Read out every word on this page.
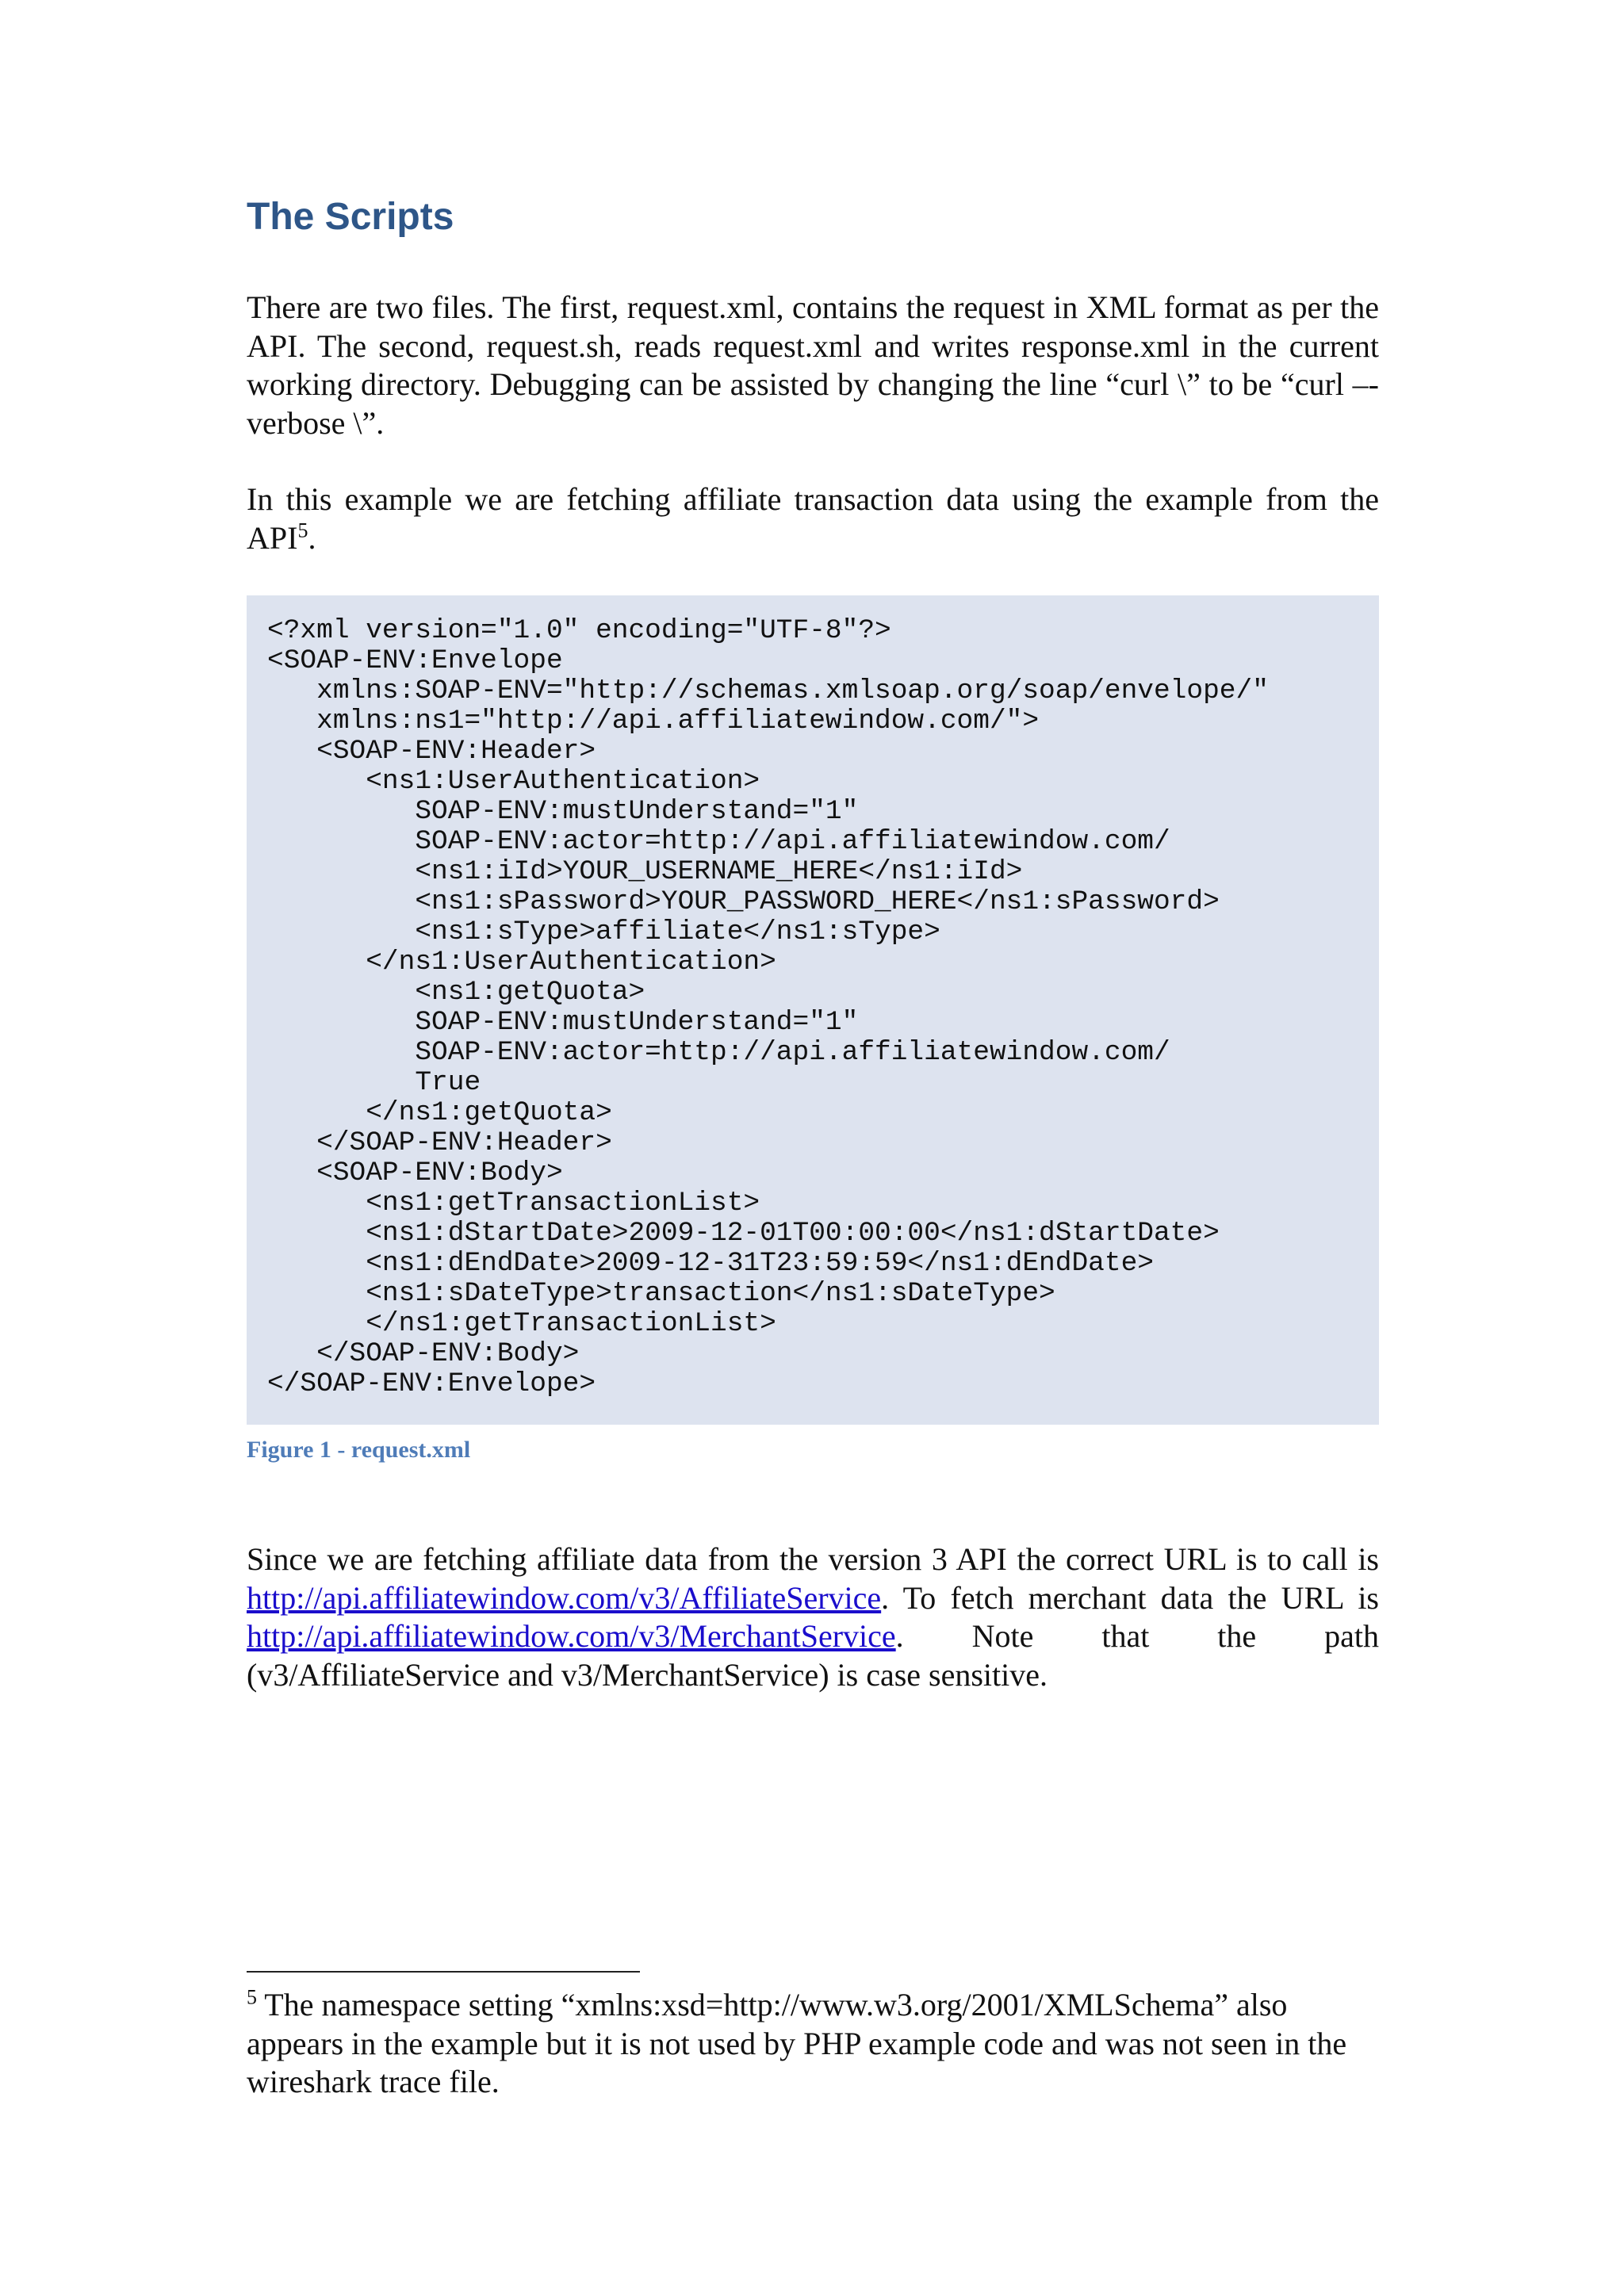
The Scripts

There are two files. The first, request.xml, contains the request in XML format as per the API. The second, request.sh, reads request.xml and writes response.xml in the current working directory. Debugging can be assisted by changing the line “curl \” to be “curl –-verbose \”.

In this example we are fetching affiliate transaction data using the example from the API$^5$.

<?xml version="1.0" encoding="UTF-8"?>
<SOAP-ENV:Envelope
xmlns:SOAP-ENV="http://schemas.xmlsoap.org/soap/envelope/"
xmlns:ns1="http://api.affiliatewindow.com/">
<SOAP-ENV:Header>
<ns1:UserAuthentication>
SOAP-ENV:mustUnderstand="1"
SOAP-ENV:actor=http://api.affiliatewindow.com/
<ns1:iId>YOUR_USERNAME_HERE</ns1:iId>
<ns1:sPassword>YOUR_PASSWORD_HERE</ns1:sPassword>
<ns1:sType>affiliate</ns1:sType>
</ns1:UserAuthentication>
<ns1:getQuota>
SOAP-ENV:mustUnderstand="1"
SOAP-ENV:actor=http://api.affiliatewindow.com/
True
</ns1:getQuota>
</SOAP-ENV:Header>
<SOAP-ENV:Body>
<ns1:getTransactionList>
<ns1:dStartDate>2009-12-01T00:00:00</ns1:dStartDate>
<ns1:dEndDate>2009-12-31T23:59:59</ns1:dEndDate>
<ns1:sDateType>transaction</ns1:sDateType>
</ns1:getTransactionList>
</SOAP-ENV:Body>
</SOAP-ENV:Envelope>

Figure 1 - request.xml

Since we are fetching affiliate data from the version 3 API the correct URL is to call is http://api.affiliatewindow.com/v3/AffiliateService. To fetch merchant data the URL is http://api.affiliatewindow.com/v3/MerchantService. Note that the path (v3/AffiliateService and v3/MerchantService) is case sensitive.

$^5$ The namespace setting “xmlns:xsd=http://www.w3.org/2001/XMLSchema” also appears in the example but it is not used by PHP example code and was not seen in the wireshark trace file.
